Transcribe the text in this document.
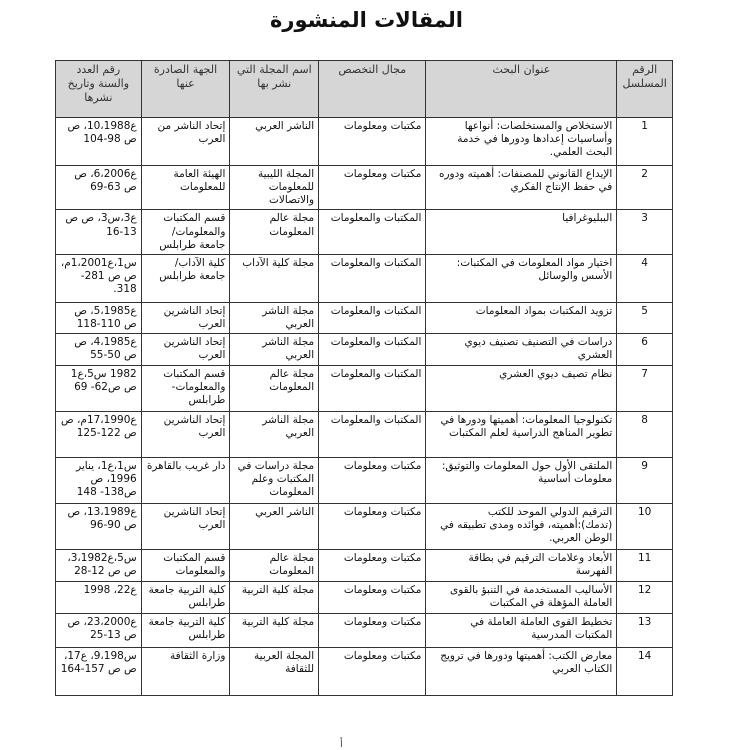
المقالات المنشورة
الرقم المسلسل	عنوان البحث	مجال التخصص	اسم المجلة التي نشر بها	الجهة الصادرة عنها	رقم العدد والسنة وتاريخ نشرها
1	الاستخلاص والمستخلصات: أنواعها وأساسيات إعدادها ودورها في خدمة البحث العلمي.	مكتبات ومعلومات	الناشر العربي	إتحاد الناشر من العرب	ع10،1988، ص ص 98-104
2	الإيداع القانوني للمصنفات: أهميته ودوره في حفظ الإنتاج الفكري	مكتبات ومعلومات	المجلة الليبية للمعلومات والاتصالات	الهيئة العامة للمعلومات	ع6،2006، ص ص 63-69
3	الببليوغرافيا	المكتبات والمعلومات	مجلة عالم المعلومات	قسم المكتبات والمعلومات/ جامعة طرابلس	ع3،س3، ص ص 13-16
4	اختيار مواد المعلومات في المكتبات: الأسس والوسائل	المكتبات والمعلومات	مجلة كلية الآداب	كلية الآداب/ جامعة طرابلس	س1،ع1،2001م، ص ص 281-318.
5	تزويد المكتبات بمواد المعلومات	المكتبات والمعلومات	مجلة الناشر العربي	إتحاد الناشرين العرب	ع5،1985، ص ص 110-118
6	دراسات في التصنيف تصنيف ديوي العشري	المكتبات والمعلومات	مجلة الناشر العربي	إتحاد الناشرين العرب	ع4،1985، ص ص 50-55
7	نظام تصيف ديوي العشري	المكتبات والمعلومات	مجلة عالم المعلومات	قسم المكتبات والمعلومات- طرابلس	1982 س5،ع1 ص ص62- 69
8	تكنولوجيا المعلومات: أهميتها ودورها في تطوير المناهج الدراسية لعلم المكتبات	المكتبات والمعلومات	مجلة الناشر العربي	إتحاد الناشرين العرب	ع17،1990م، ص ص 122-125
9	الملتقى الأول حول المعلومات والتوثيق: معلومات أساسية	مكتبات ومعلومات	مجلة دراسات في المكتبات وعلم المعلومات	دار غريب بالقاهرة	س1،ع1، يناير 1996، ص ص138- 148
10	الترقيم الدولي الموحد للكتب (تدمك):أهميته، فوائده ومدى تطبيقه في الوطن العربي.	مكتبات ومعلومات	الناشر العربي	إتحاد الناشرين العرب	ع13،1989، ص ص 90-96
11	الأبعاد وعلامات الترقيم في بطاقة الفهرسة	مكتبات ومعلومات	مجلة عالم المعلومات	قسم المكتبات والمعلومات	س5،ع3،1982، ص ص 12-28
12	الأساليب المستخدمة في التنبؤ بالقوى العاملة المؤهلة في المكتبات	مكتبات ومعلومات	مجلة كلية التربية	كلية التربية جامعة طرابلس	ع22، 1998
13	تخطيط القوى العاملة العاملة في المكتبات المدرسية	مكتبات ومعلومات	مجلة كلية التربية	كلية التربية جامعة طرابلس	ع23،2000، ص ص 13-25
14	معارض الكتب: أهميتها ودورها في ترويج الكتاب العربي	مكتبات ومعلومات	المجلة العربية للثقافة	وزارة الثقافة	س9،198، ع17، ص ص 157-164
أ
